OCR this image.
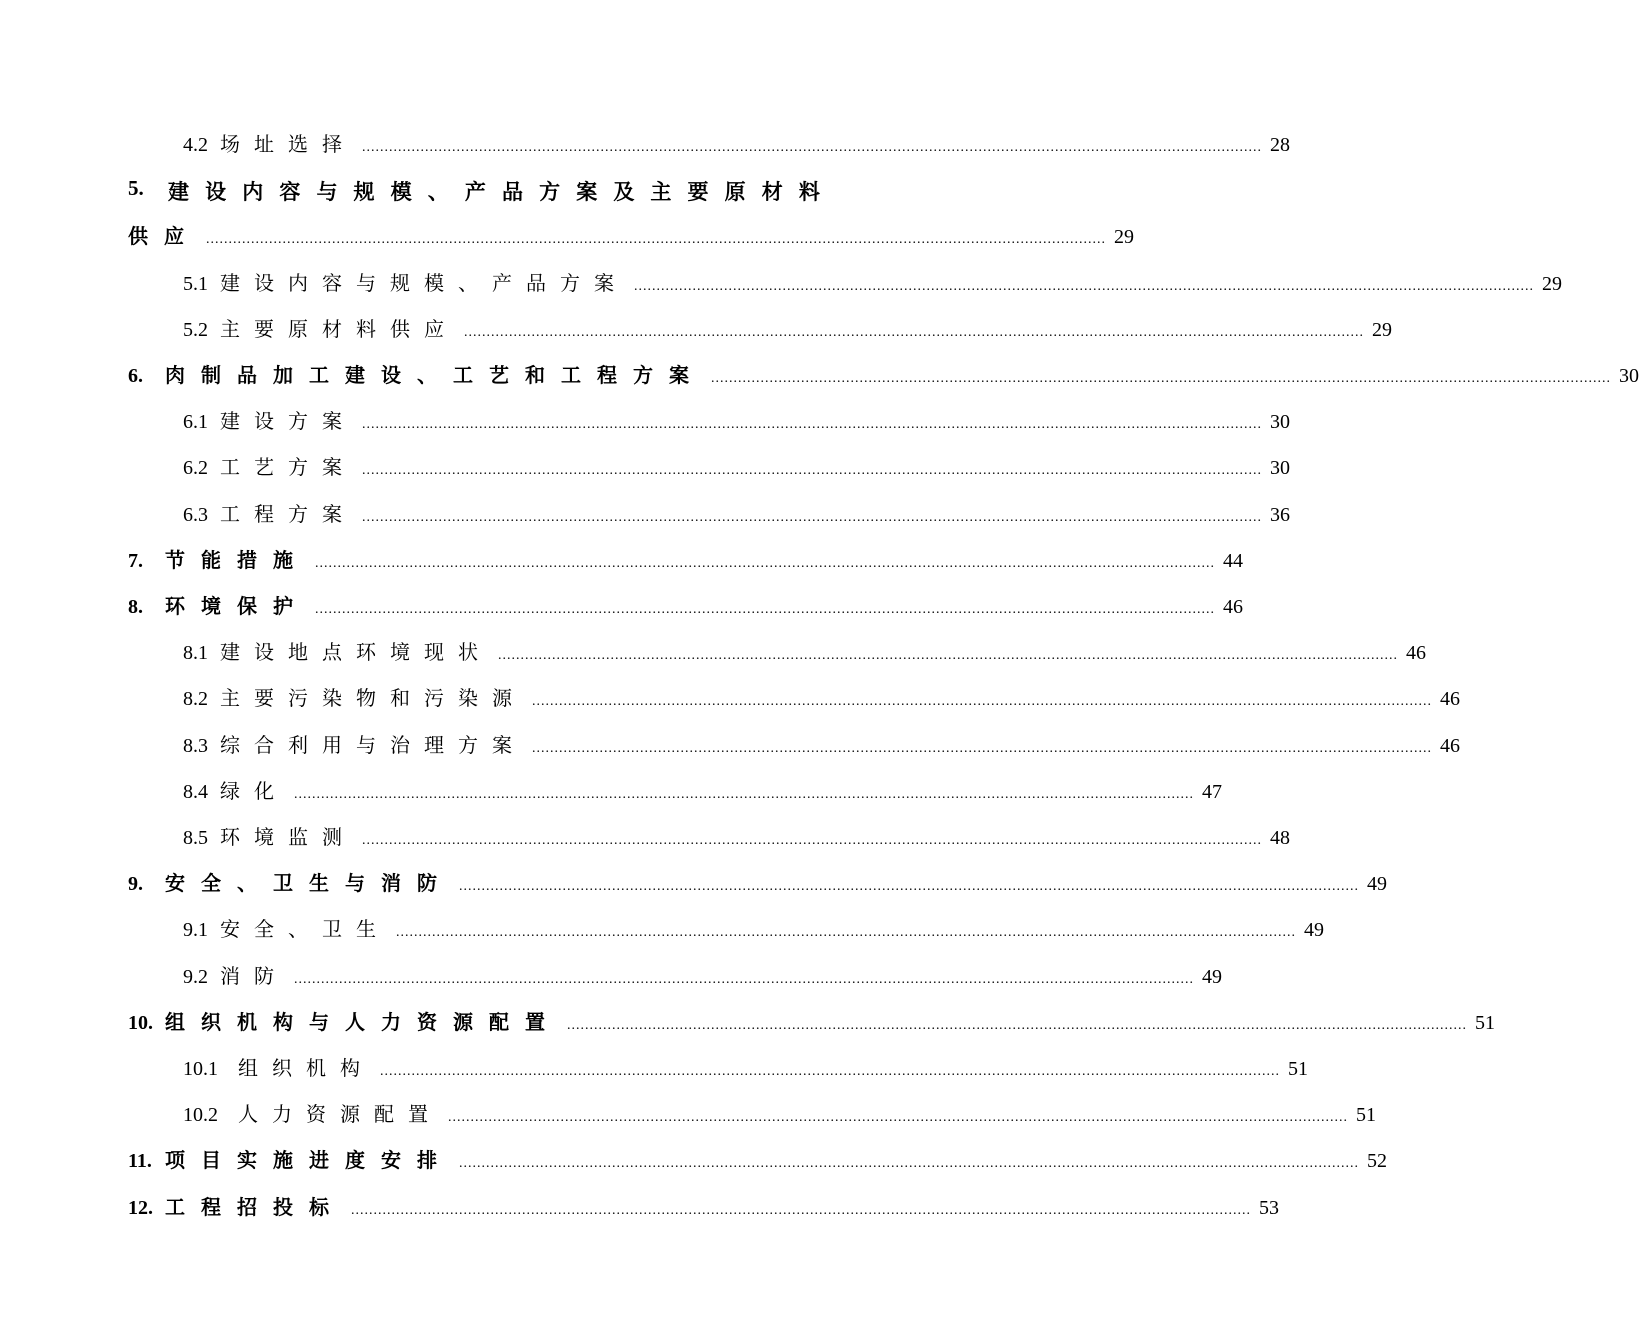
4.2 场址选择 ........................................................................................................................................................................................................ 28
5. 建 设 内 容 与 规 模 、 产 品 方 案 及 主 要 原 材 料
供应 ........................................................................................................................................................................................................ 29
5.1 建设内容与规模、产品方案 ........................................................................................................................................................................................................ 29
5.2 主要原材料供应 ........................................................................................................................................................................................................ 29
6. 肉制品加工建设、工艺和工程方案 ........................................................................................................................................................................................................ 30
6.1 建设方案 ........................................................................................................................................................................................................ 30
6.2 工艺方案 ........................................................................................................................................................................................................ 30
6.3 工程方案 ........................................................................................................................................................................................................ 36
7. 节能措施 ........................................................................................................................................................................................................ 44
8. 环境保护 ........................................................................................................................................................................................................ 46
8.1 建设地点环境现状 ........................................................................................................................................................................................................ 46
8.2 主要污染物和污染源 ........................................................................................................................................................................................................ 46
8.3 综合利用与治理方案 ........................................................................................................................................................................................................ 46
8.4 绿化 ........................................................................................................................................................................................................ 47
8.5 环境监测 ........................................................................................................................................................................................................ 48
9. 安全、卫生与消防 ........................................................................................................................................................................................................ 49
9.1 安全、卫生 ........................................................................................................................................................................................................ 49
9.2 消防 ........................................................................................................................................................................................................ 49
10. 组织机构与人力资源配置 ........................................................................................................................................................................................................ 51
10.1 组织机构 ........................................................................................................................................................................................................ 51
10.2 人力资源配置 ........................................................................................................................................................................................................ 51
11. 项目实施进度安排 ........................................................................................................................................................................................................ 52
12. 工程招投标 ........................................................................................................................................................................................................ 53
